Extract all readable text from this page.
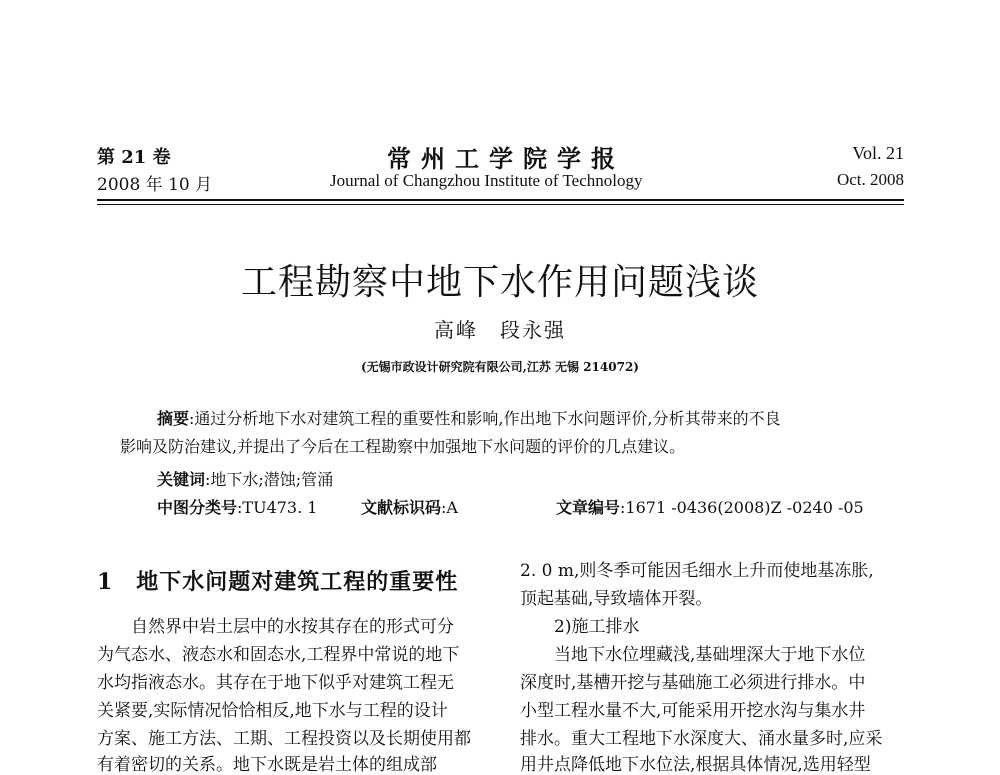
第 21 卷
2008 年 10 月
常州工学院学报
Journal of Changzhou Institute of Technology
Vol. 21
Oct. 2008
工程勘察中地下水作用问题浅谈
高峰　段永强
(无锡市政设计研究院有限公司,江苏 无锡 214072)
摘要:通过分析地下水对建筑工程的重要性和影响,作出地下水问题评价,分析其带来的不良
影响及防治建议,并提出了今后在工程勘察中加强地下水问题的评价的几点建议。
关键词:地下水;潜蚀;管涌
中图分类号:TU473. 1	文献标识码:A	文章编号:1671 -0436(2008)Z -0240 -05
1　地下水问题对建筑工程的重要性
　　自然界中岩土层中的水按其存在的形式可分
为气态水、液态水和固态水,工程界中常说的地下
水均指液态水。其存在于地下似乎对建筑工程无
关紧要,实际情况恰恰相反,地下水与工程的设计
方案、施工方法、工期、工程投资以及长期使用都
有着密切的关系。地下水既是岩土体的组成部
2. 0 m,则冬季可能因毛细水上升而使地基冻胀,
顶起基础,导致墙体开裂。
　　2)施工排水
　　当地下水位埋藏浅,基础埋深大于地下水位
深度时,基槽开挖与基础施工必须进行排水。中
小型工程水量不大,可能采用开挖水沟与集水井
排水。重大工程地下水深度大、涌水量多时,应采
用井点降低地下水位法,根据具体情况,选用轻型
